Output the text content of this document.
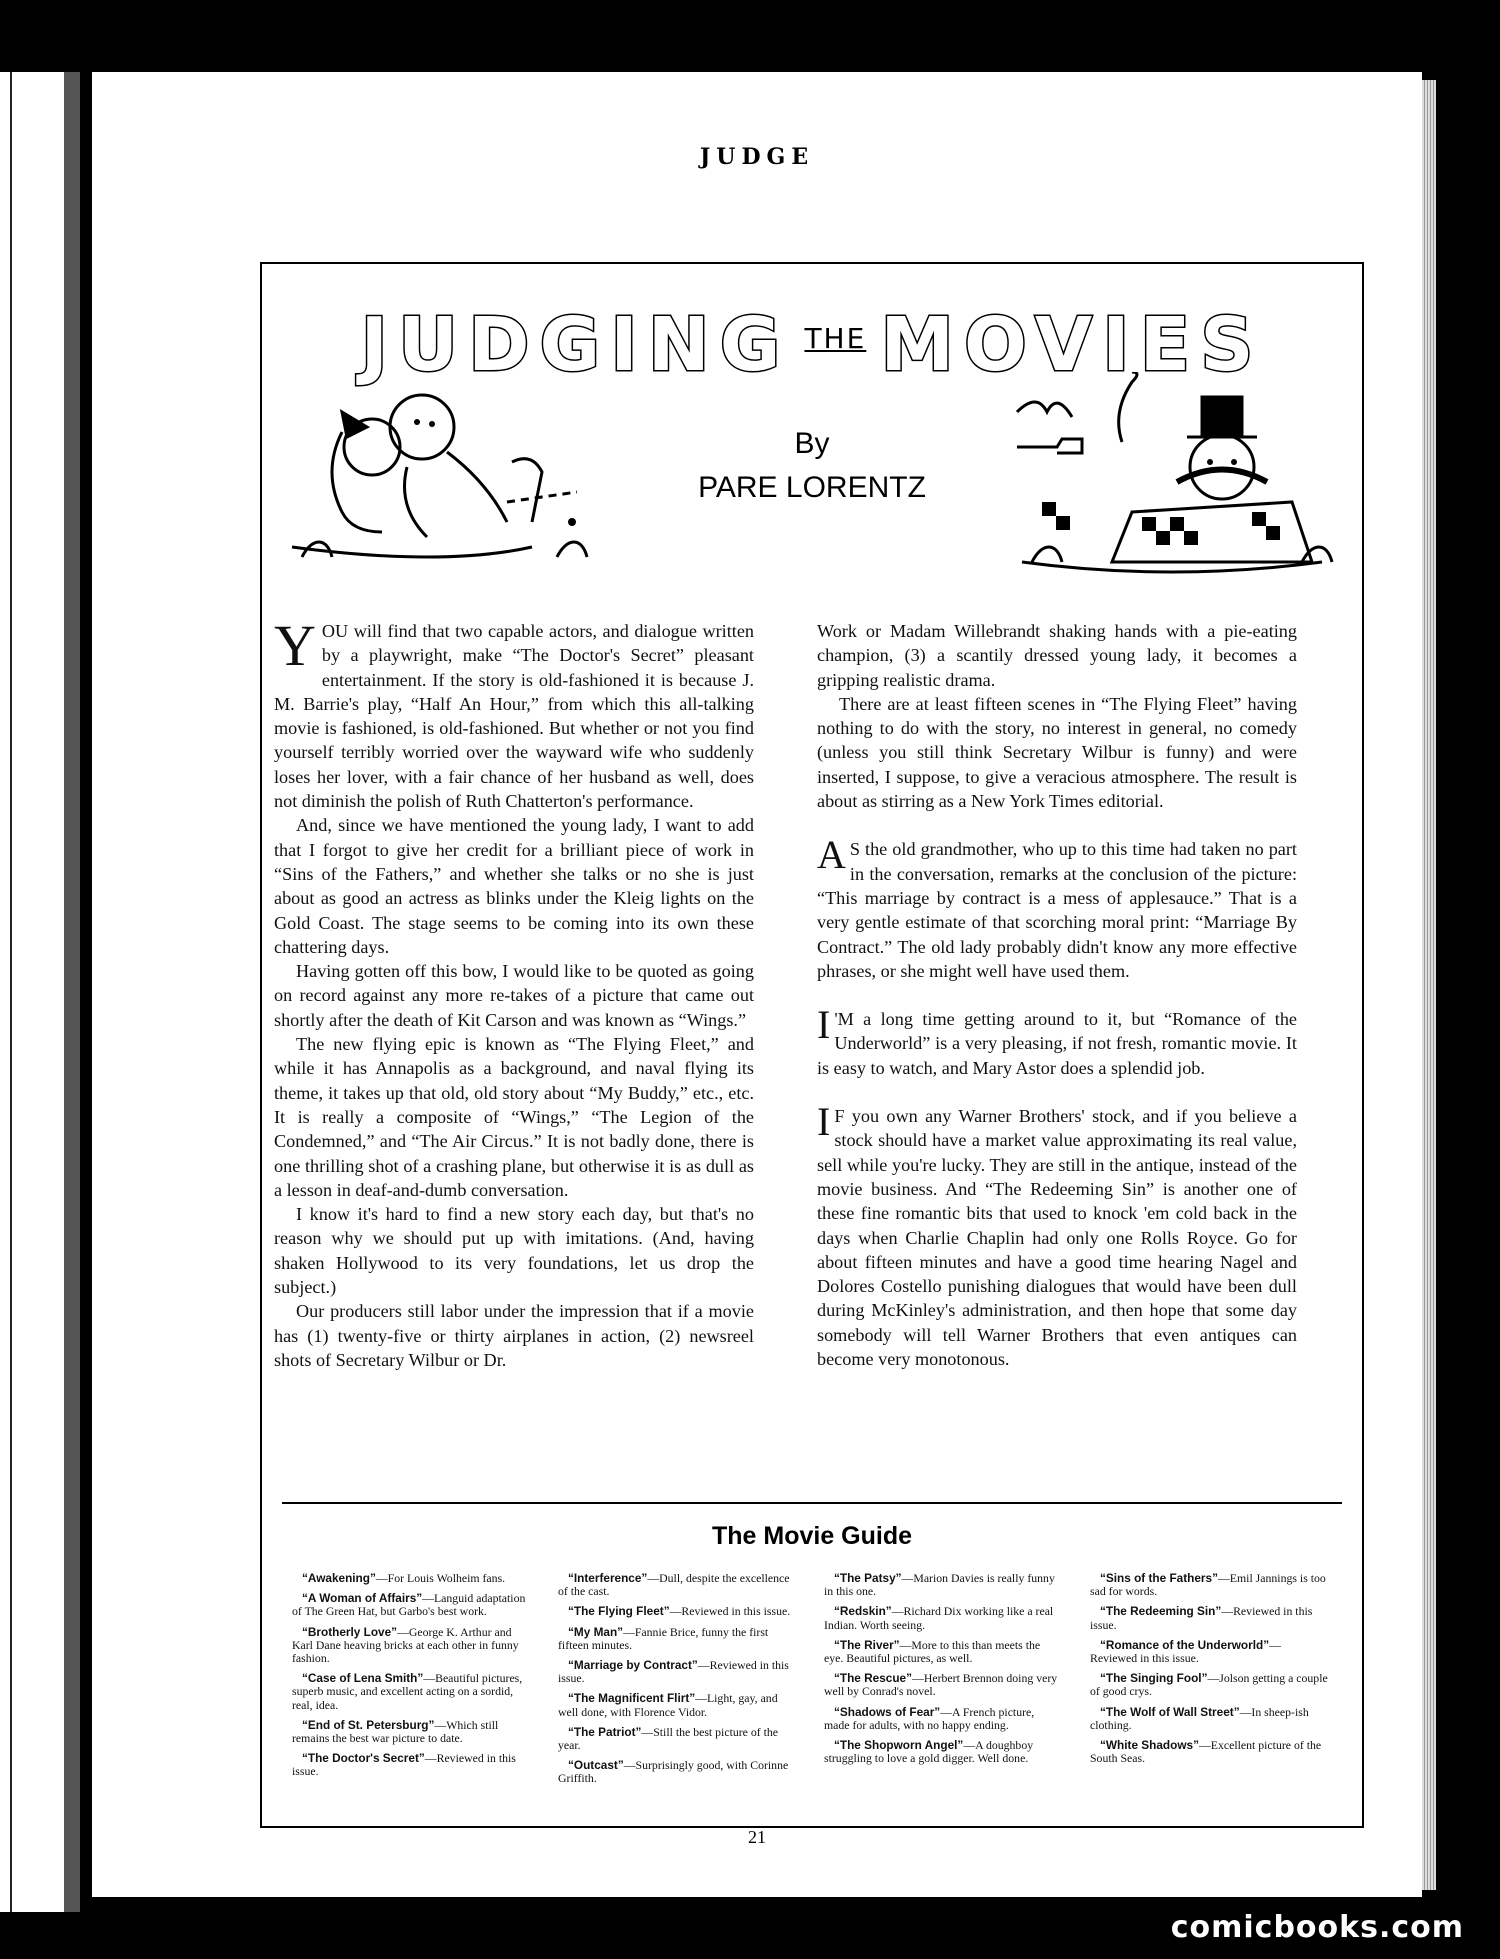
JUDGE
JUDGING THE MOVIES
By
PARE LORENTZ

YOU will find that two capable actors, and dialogue written by a playwright, make “The Doctor's Secret” pleasant entertainment. If the story is old-fashioned it is because J. M. Barrie's play, “Half An Hour,” from which this all-talking movie is fashioned, is old-fashioned. But whether or not you find yourself terribly worried over the wayward wife who suddenly loses her lover, with a fair chance of her husband as well, does not diminish the polish of Ruth Chatterton's performance.

And, since we have mentioned the young lady, I want to add that I forgot to give her credit for a brilliant piece of work in “Sins of the Fathers,” and whether she talks or no she is just about as good an actress as blinks under the Kleig lights on the Gold Coast. The stage seems to be coming into its own these chattering days.

Having gotten off this bow, I would like to be quoted as going on record against any more re-takes of a picture that came out shortly after the death of Kit Carson and was known as “Wings.”

The new flying epic is known as “The Flying Fleet,” and while it has Annapolis as a background, and naval flying its theme, it takes up that old, old story about “My Buddy,” etc., etc. It is really a composite of “Wings,” “The Legion of the Condemned,” and “The Air Circus.” It is not badly done, there is one thrilling shot of a crashing plane, but otherwise it is as dull as a lesson in deaf-and-dumb conversation.

I know it's hard to find a new story each day, but that's no reason why we should put up with imitations. (And, having shaken Hollywood to its very foundations, let us drop the subject.)

Our producers still labor under the impression that if a movie has (1) twenty-five or thirty airplanes in action, (2) newsreel shots of Secretary Wilbur or Dr.

Work or Madam Willebrandt shaking hands with a pie-eating champion, (3) a scantily dressed young lady, it becomes a gripping realistic drama.

There are at least fifteen scenes in “The Flying Fleet” having nothing to do with the story, no interest in general, no comedy (unless you still think Secretary Wilbur is funny) and were inserted, I suppose, to give a veracious atmosphere. The result is about as stirring as a New York Times editorial.

A S the old grandmother, who up to this time had taken no part in the conversation, remarks at the conclusion of the picture: “This marriage by contract is a mess of applesauce.” That is a very gentle estimate of that scorching moral print: “Marriage By Contract.” The old lady probably didn't know any more effective phrases, or she might well have used them.

I 'M a long time getting around to it, but “Romance of the Underworld” is a very pleasing, if not fresh, romantic movie. It is easy to watch, and Mary Astor does a splendid job.

I F you own any Warner Brothers' stock, and if you believe a stock should have a market value approximating its real value, sell while you're lucky. They are still in the antique, instead of the movie business. And “The Redeeming Sin” is another one of these fine romantic bits that used to knock 'em cold back in the days when Charlie Chaplin had only one Rolls Royce. Go for about fifteen minutes and have a good time hearing Nagel and Dolores Costello punishing dialogues that would have been dull during McKinley's administration, and then hope that some day somebody will tell Warner Brothers that even antiques can become very monotonous.

The Movie Guide

“Awakening”—For Louis Wolheim fans.

“A Woman of Affairs”—Languid adaptation of The Green Hat, but Garbo's best work.

“Brotherly Love”—George K. Arthur and Karl Dane heaving bricks at each other in funny fashion.

“Case of Lena Smith”—Beautiful pictures, superb music, and excellent acting on a sordid, real, idea.

“End of St. Petersburg”—Which still remains the best war picture to date.

“The Doctor's Secret”—Reviewed in this issue.

“Interference”—Dull, despite the excellence of the cast.

“The Flying Fleet”—Reviewed in this issue.

“My Man”—Fannie Brice, funny the first fifteen minutes.

“Marriage by Contract”—Reviewed in this issue.

“The Magnificent Flirt”—Light, gay, and well done, with Florence Vidor.

“The Patriot”—Still the best picture of the year.

“Outcast”—Surprisingly good, with Corinne Griffith.

“The Patsy”—Marion Davies is really funny in this one.

“Redskin”—Richard Dix working like a real Indian. Worth seeing.

“The River”—More to this than meets the eye. Beautiful pictures, as well.

“The Rescue”—Herbert Brennon doing very well by Conrad's novel.

“Shadows of Fear”—A French picture, made for adults, with no happy ending.

“The Shopworn Angel”—A doughboy struggling to love a gold digger. Well done.

“Sins of the Fathers”—Emil Jannings is too sad for words.

“The Redeeming Sin”—Reviewed in this issue.

“Romance of the Underworld”—Reviewed in this issue.

“The Singing Fool”—Jolson getting a couple of good crys.

“The Wolf of Wall Street”—In sheep-ish clothing.

“White Shadows”—Excellent picture of the South Seas.

21
comicbooks.com
